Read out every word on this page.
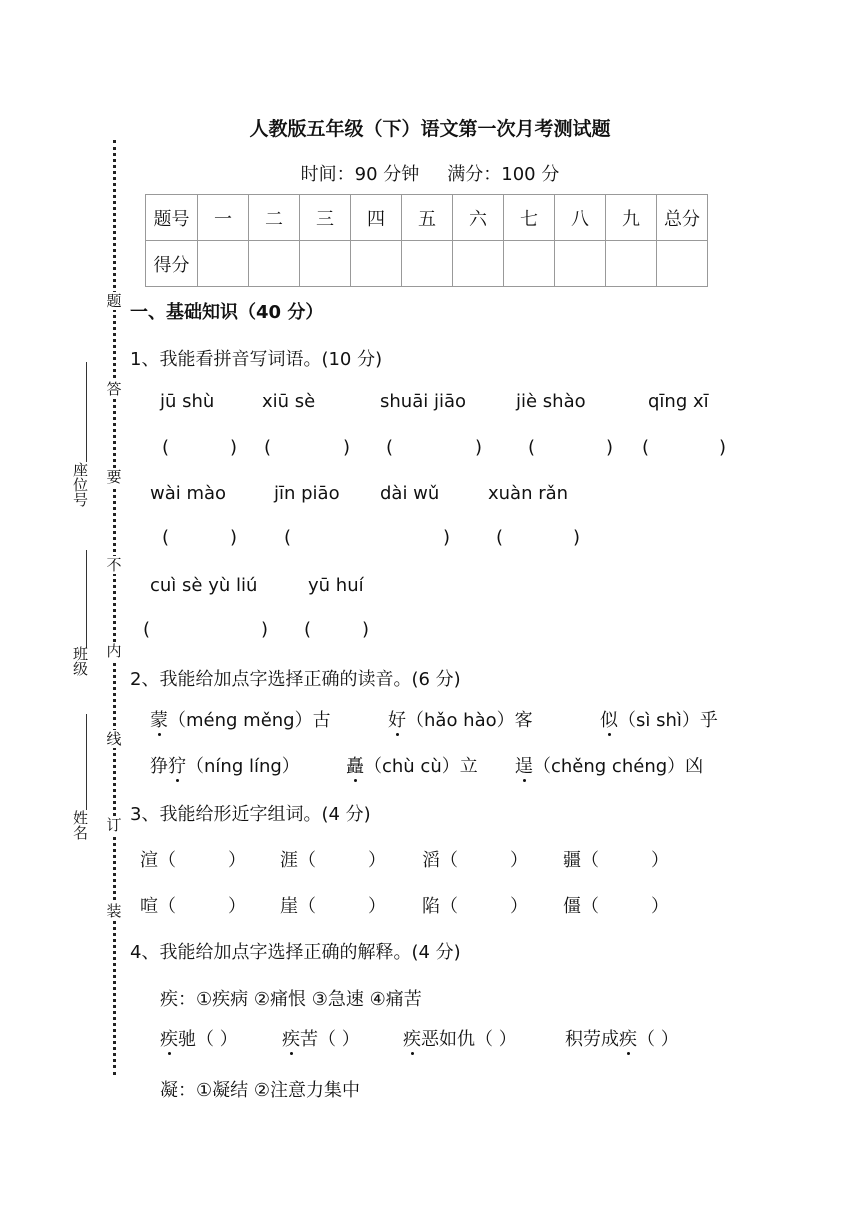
人教版五年级（下）语文第一次月考测试题
时间：90 分钟 满分：100 分
题号	一	二	三	四	五	六	七	八	九	总分
得分										
题
答
要
不
内
线
订
装
座位号
班级
姓名
一、基础知识（40 分）
1、我能看拼音写词语。(10 分)
jū shù	xiū sè	shuāi jiāo	jiè shào	qīng xī
(	) (	) (	)	(	) (	)
wài mào	jīn piāo dài wǔ	xuàn rǎn
(	)	(	)	(	)
cuì sè yù liú	yū huí
(	) (	)
2、我能给加点字选择正确的读音。(6 分)
蒙（méng měng）古	好（hǎo hào）客	似（sì shì）乎
狰狞（níng líng）	矗（chù cù）立 逞（chěng chéng）凶
3、我能给形近字组词。(4 分)
渲（	） 涯（	） 滔（	） 疆（	）
喧（	） 崖（	） 陷（	） 僵（	）
4、我能给加点字选择正确的解释。(4 分)
疾：①疾病 ②痛恨 ③急速 ④痛苦
疾驰（ ） 疾苦（ ） 疾恶如仇（ ）	积劳成疾（ ）
凝：①凝结 ②注意力集中
